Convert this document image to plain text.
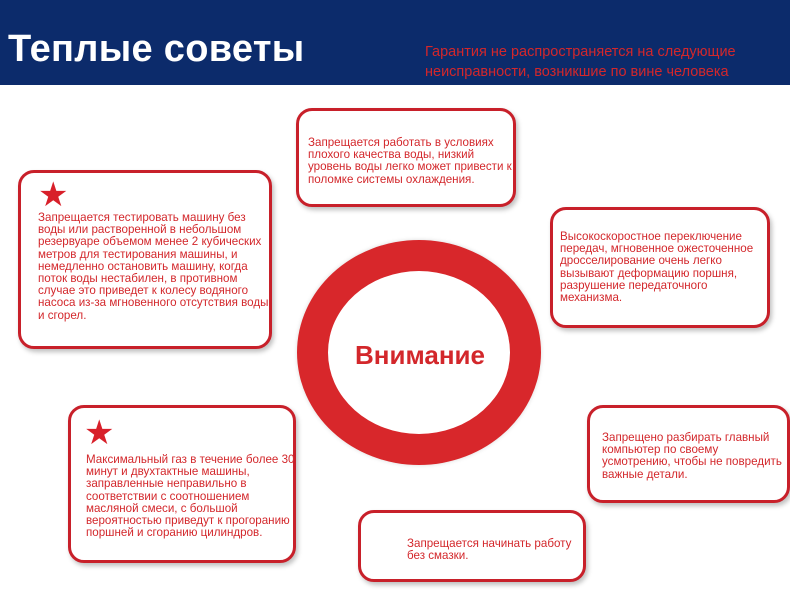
Теплые советы	Гарантия не распространяется на следующие неисправности, возникшие по вине человека
Внимание
Запрещается работать в условиях плохого качества воды, низкий уровень воды легко может привести к поломке системы охлаждения.
★
Запрещается тестировать машину без воды или растворенной в небольшом резервуаре объемом менее 2 кубических метров для тестирования машины, и немедленно остановить машину, когда поток воды нестабилен, в противном случае это приведет к колесу водяного насоса из-за мгновенного отсутствия воды и сгорел.
Высокоскоростное переключение передач, мгновенное ожесточенное дросселирование очень легко вызывают деформацию поршня, разрушение передаточного механизма.
★
Максимальный газ в течение более 30 минут и двухтактные машины, заправленные неправильно в соответствии с соотношением масляной смеси, с большой вероятностью приведут к прогоранию поршней и сгоранию цилиндров.
Запрещено разбирать главный компьютер по своему усмотрению, чтобы не повредить важные детали.
Запрещается начинать работу без смазки.
